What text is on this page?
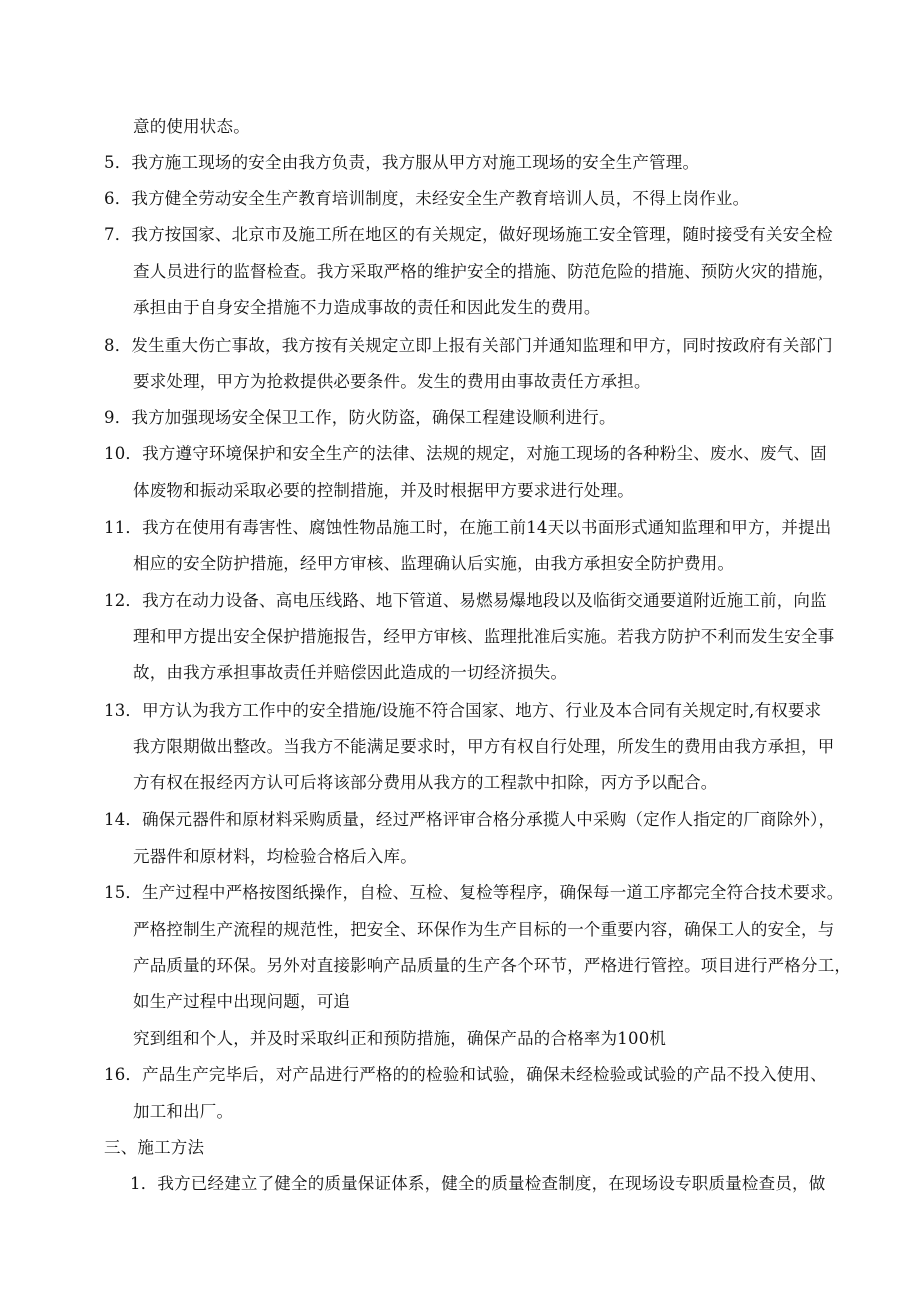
意的使用状态。
5．我方施工现场的安全由我方负责，我方服从甲方对施工现场的安全生产管理。
6．我方健全劳动安全生产教育培训制度，未经安全生产教育培训人员，不得上岗作业。
7．我方按国家、北京市及施工所在地区的有关规定，做好现场施工安全管理，随时接受有关安全检
查人员进行的监督检查。我方采取严格的维护安全的措施、防范危险的措施、预防火灾的措施，
承担由于自身安全措施不力造成事故的责任和因此发生的费用。
8．发生重大伤亡事故，我方按有关规定立即上报有关部门并通知监理和甲方，同时按政府有关部门
要求处理，甲方为抢救提供必要条件。发生的费用由事故责任方承担。
9．我方加强现场安全保卫工作，防火防盗，确保工程建设顺利进行。
10．我方遵守环境保护和安全生产的法律、法规的规定，对施工现场的各种粉尘、废水、废气、固
体废物和振动采取必要的控制措施，并及时根据甲方要求进行处理。
11．我方在使用有毒害性、腐蚀性物品施工时，在施工前14天以书面形式通知监理和甲方，并提出
相应的安全防护措施，经甲方审核、监理确认后实施，由我方承担安全防护费用。
12．我方在动力设备、高电压线路、地下管道、易燃易爆地段以及临街交通要道附近施工前，向监
理和甲方提出安全保护措施报告，经甲方审核、监理批准后实施。若我方防护不利而发生安全事
故，由我方承担事故责任并赔偿因此造成的一切经济损失。
13．甲方认为我方工作中的安全措施/设施不符合国家、地方、行业及本合同有关规定时,有权要求
我方限期做出整改。当我方不能满足要求时，甲方有权自行处理，所发生的费用由我方承担，甲
方有权在报经丙方认可后将该部分费用从我方的工程款中扣除，丙方予以配合。
14．确保元器件和原材料采购质量，经过严格评审合格分承揽人中采购（定作人指定的厂商除外），
元器件和原材料，均检验合格后入库。
15．生产过程中严格按图纸操作，自检、互检、复检等程序，确保每一道工序都完全符合技术要求。
严格控制生产流程的规范性，把安全、环保作为生产目标的一个重要内容，确保工人的安全，与
产品质量的环保。另外对直接影响产品质量的生产各个环节，严格进行管控。项目进行严格分工，
如生产过程中出现问题，可追
究到组和个人，并及时采取纠正和预防措施，确保产品的合格率为100机
16．产品生产完毕后，对产品进行严格的的检验和试验，确保未经检验或试验的产品不投入使用、
加工和出厂。
三、施工方法
1．我方已经建立了健全的质量保证体系，健全的质量检查制度，在现场设专职质量检查员，做
